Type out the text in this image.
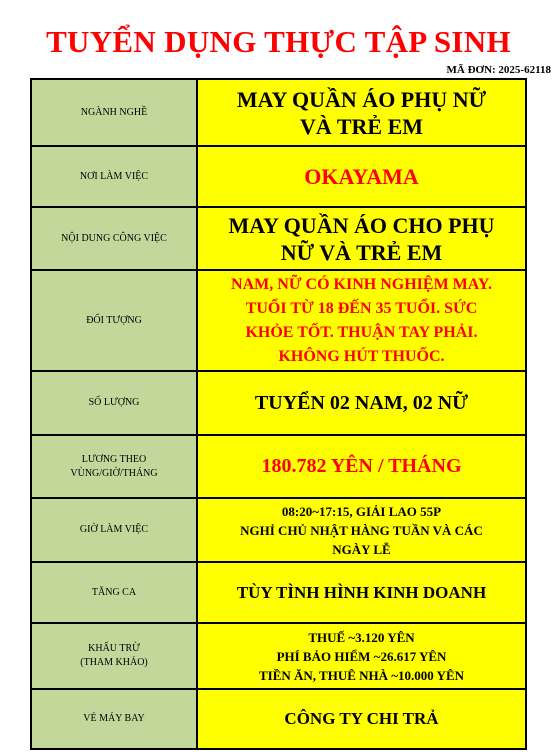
TUYỂN DỤNG THỰC TẬP SINH
MÃ ĐƠN: 2025-62118
NGÀNH NGHỀ	MAY QUẦN ÁO PHỤ NỮ
VÀ TRẺ EM

NƠI LÀM VIỆC	OKAYAMA

NỘI DUNG CÔNG VIỆC	MAY QUẦN ÁO CHO PHỤ
NỮ VÀ TRẺ EM

ĐỐI TƯỢNG	NAM, NỮ CÓ KINH NGHIỆM MAY.
TUỔI TỪ 18 ĐẾN 35 TUỔI. SỨC
KHỎE TỐT. THUẬN TAY PHẢI.
KHÔNG HÚT THUỐC.

SỐ LƯỢNG	TUYỂN 02 NAM, 02 NỮ

LƯƠNG THEO
VÙNG/GIỜ/THÁNG	180.782 YÊN / THÁNG

GIỜ LÀM VIỆC	08:20~17:15, GIẢI LAO 55P
NGHỈ CHỦ NHẬT HÀNG TUẦN VÀ CÁC
NGÀY LỄ

TĂNG CA	TÙY TÌNH HÌNH KINH DOANH

KHẤU TRỪ
(THAM KHẢO)	THUẾ ~3.120 YÊN
PHÍ BẢO HIỂM ~26.617 YÊN
TIỀN ĂN, THUÊ NHÀ ~10.000 YÊN

VÉ MÁY BAY	CÔNG TY CHI TRẢ
